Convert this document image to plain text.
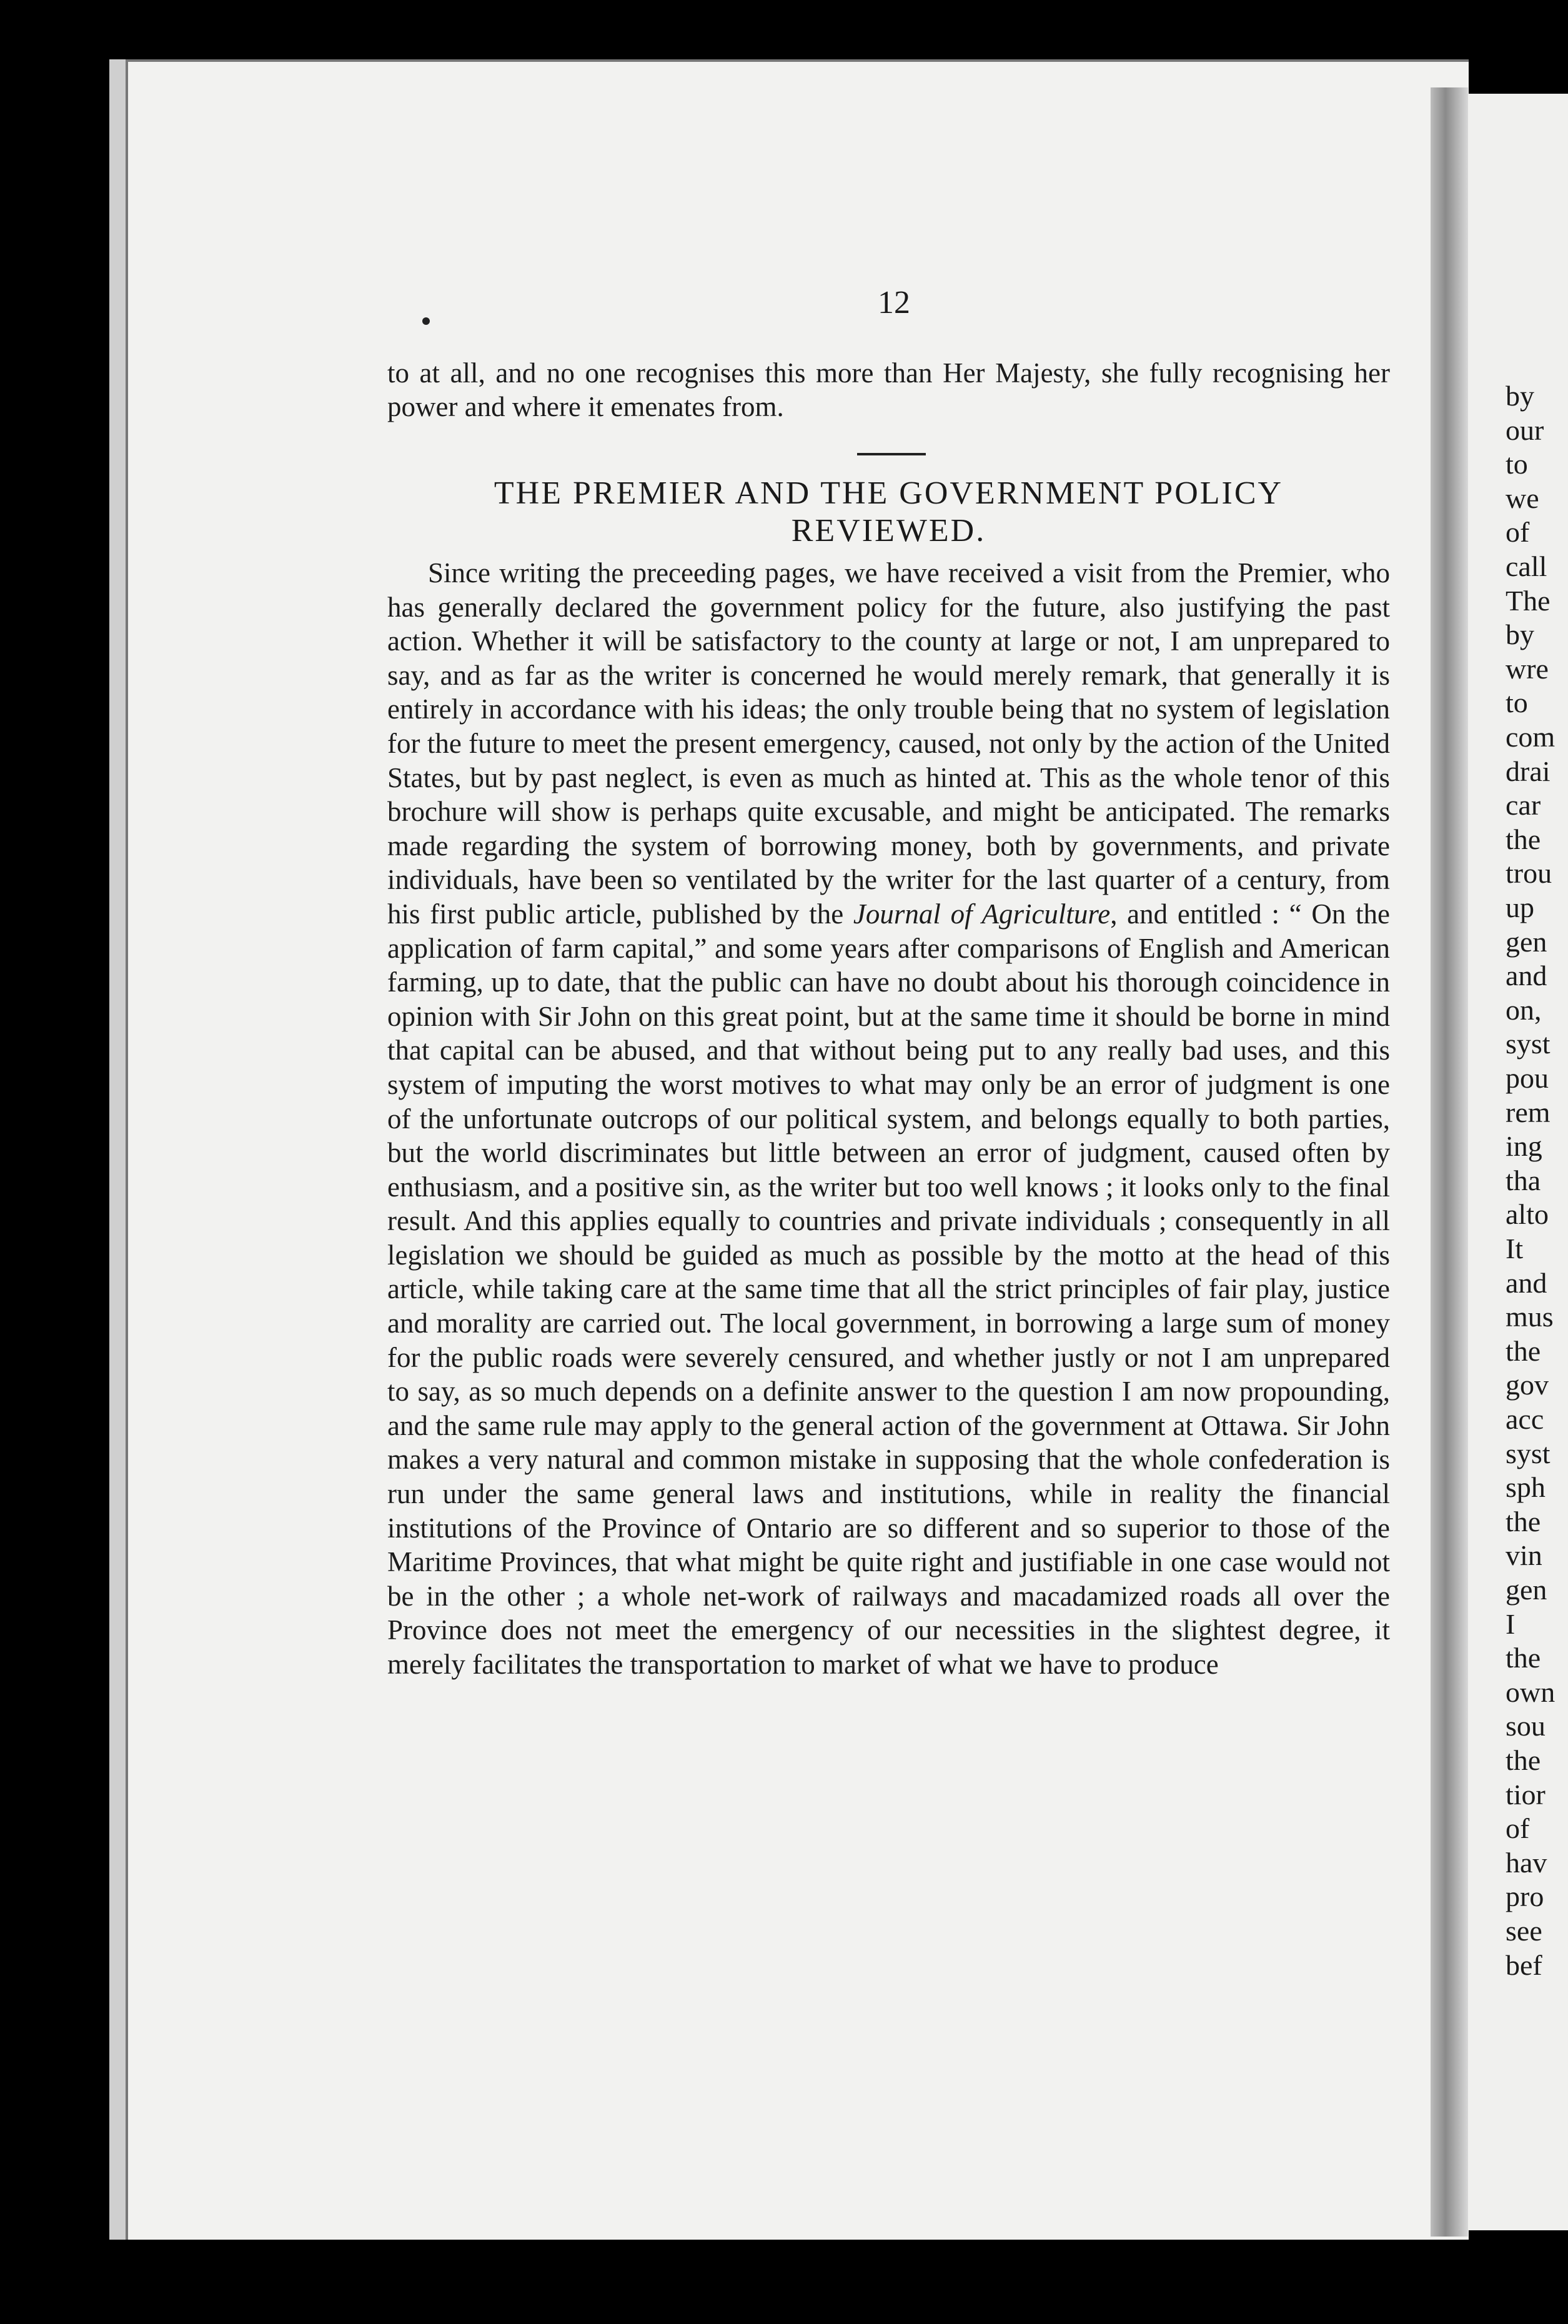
by
our
to
we
of
call
The
by
wre
to
com
drai
car
the
trou
up
gen
and
on,
syst
pou
rem
ing
tha
alto
It
and
mus
the
gov
acc
syst
sph
the
vin
gen
I
the
own
sou
the
tior
of
hav
pro
see
bef
12
to at all, and no one recognises this more than Her Majesty, she fully recognising her power and where it emenates from.
THE PREMIER AND THE GOVERNMENT POLICY
REVIEWED.

Since writing the preceeding pages, we have received a visit from the Premier, who has generally declared the government policy for the future, also justifying the past action. Whether it will be satisfactory to the county at large or not, I am unprepared to say, and as far as the writer is concerned he would merely remark, that generally it is entirely in accordance with his ideas; the only trouble being that no system of legislation for the future to meet the present emergency, caused, not only by the action of the United States, but by past neglect, is even as much as hinted at. This as the whole tenor of this brochure will show is perhaps quite excusable, and might be anticipated. The remarks made regarding the system of borrowing money, both by governments, and private individuals, have been so ventilated by the writer for the last quarter of a century, from his first public article, published by the Journal of Agriculture, and entitled : “ On the application of farm capital,” and some years after comparisons of English and American farming, up to date, that the public can have no doubt about his thorough coincidence in opinion with Sir John on this great point, but at the same time it should be borne in mind that capital can be abused, and that without being put to any really bad uses, and this system of imputing the worst motives to what may only be an error of judgment is one of the unfortunate outcrops of our political system, and belongs equally to both parties, but the world discriminates but little between an error of judgment, caused often by enthusiasm, and a positive sin, as the writer but too well knows ; it looks only to the final result. And this applies equally to countries and private individuals ; consequently in all legislation we should be guided as much as possible by the motto at the head of this article, while taking care at the same time that all the strict principles of fair play, justice and morality are carried out. The local government, in borrowing a large sum of money for the public roads were severely censured, and whether justly or not I am unprepared to say, as so much depends on a definite answer to the question I am now propounding, and the same rule may apply to the general action of the government at Ottawa. Sir John makes a very natural and common mistake in supposing that the whole confederation is run under the same general laws and institutions, while in reality the financial institutions of the Province of Ontario are so different and so superior to those of the Maritime Provinces, that what might be quite right and justifiable in one case would not be in the other ; a whole net-work of railways and macadamized roads all over the Province does not meet the emergency of our necessities in the slightest degree, it merely facilitates the transportation to market of what we have to produce
